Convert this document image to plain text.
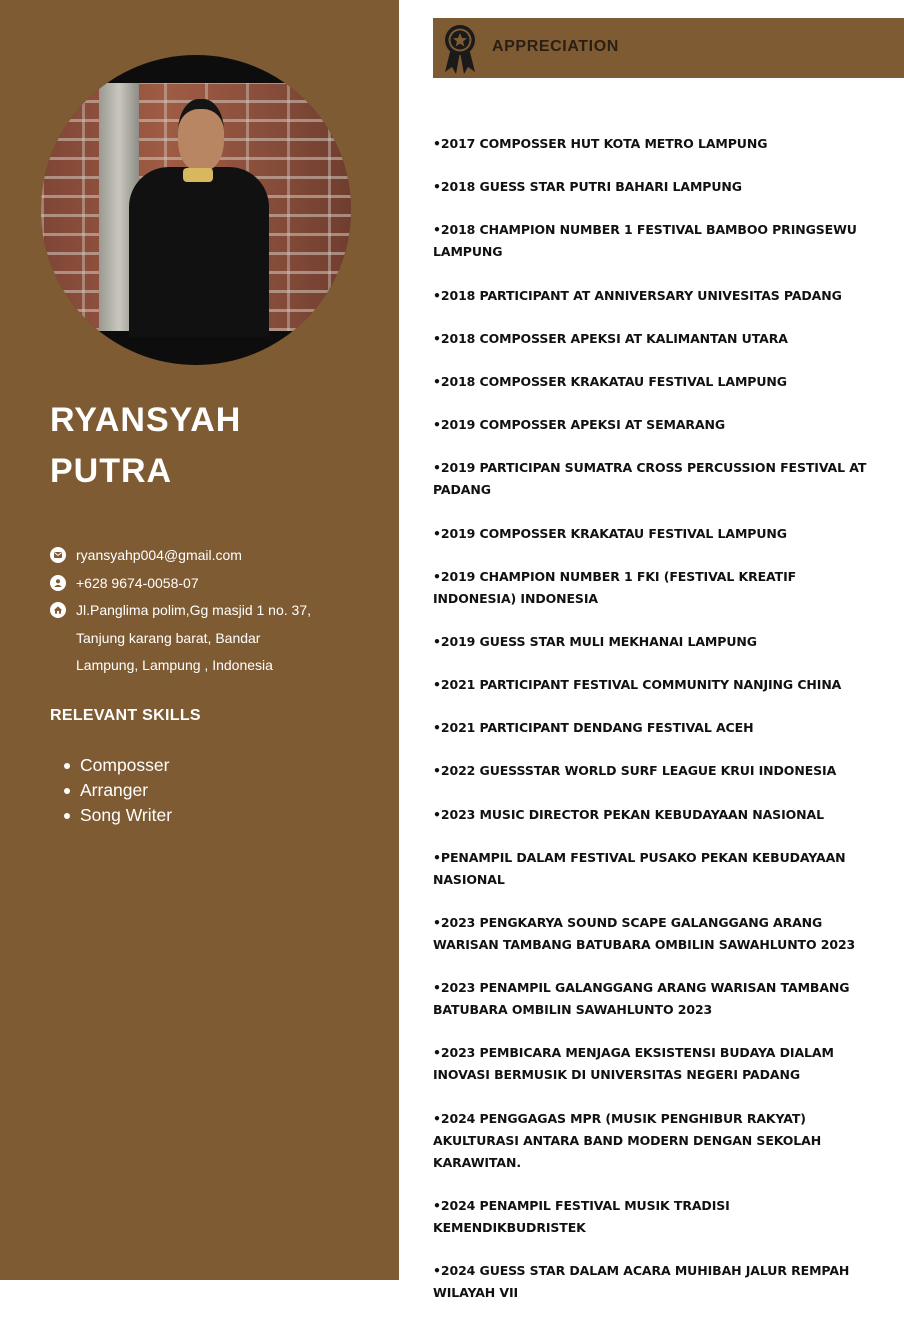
RYANSYAH
PUTRA
ryansyahp004@gmail.com
+628 9674-0058-07
Jl.Panglima polim,Gg masjid 1 no. 37,
Tanjung karang barat, Bandar
Lampung, Lampung , Indonesia
RELEVANT SKILLS
Composser
Arranger
Song Writer
APPRECIATION
•2017 COMPOSSER HUT KOTA METRO LAMPUNG
•2018 GUESS STAR PUTRI BAHARI LAMPUNG
•2018 CHAMPION NUMBER 1 FESTIVAL BAMBOO PRINGSEWU LAMPUNG
•2018 PARTICIPANT AT ANNIVERSARY UNIVESITAS PADANG
•2018 COMPOSSER APEKSI AT KALIMANTAN UTARA
•2018 COMPOSSER KRAKATAU FESTIVAL LAMPUNG
•2019 COMPOSSER APEKSI AT SEMARANG
•2019 PARTICIPAN SUMATRA CROSS PERCUSSION FESTIVAL AT PADANG
•2019 COMPOSSER KRAKATAU FESTIVAL LAMPUNG
•2019 CHAMPION NUMBER 1 FKI (FESTIVAL KREATIF INDONESIA) INDONESIA
•2019 GUESS STAR MULI MEKHANAI LAMPUNG
•2021 PARTICIPANT FESTIVAL COMMUNITY NANJING CHINA
•2021 PARTICIPANT DENDANG FESTIVAL ACEH
•2022 GUESSSTAR WORLD SURF LEAGUE KRUI INDONESIA
•2023 MUSIC DIRECTOR PEKAN KEBUDAYAAN NASIONAL
•PENAMPIL DALAM FESTIVAL PUSAKO PEKAN KEBUDAYAAN NASIONAL
•2023 PENGKARYA SOUND SCAPE GALANGGANG ARANG WARISAN TAMBANG BATUBARA OMBILIN SAWAHLUNTO 2023
•2023 PENAMPIL GALANGGANG ARANG WARISAN TAMBANG BATUBARA OMBILIN SAWAHLUNTO 2023
•2023 PEMBICARA MENJAGA EKSISTENSI BUDAYA DIALAM INOVASI BERMUSIK DI UNIVERSITAS NEGERI PADANG
•2024 PENGGAGAS MPR (MUSIK PENGHIBUR RAKYAT) AKULTURASI ANTARA BAND MODERN DENGAN SEKOLAH KARAWITAN.
•2024 PENAMPIL FESTIVAL MUSIK TRADISI KEMENDIKBUDRISTEK
•2024 GUESS STAR DALAM ACARA MUHIBAH JALUR REMPAH WILAYAH VII
